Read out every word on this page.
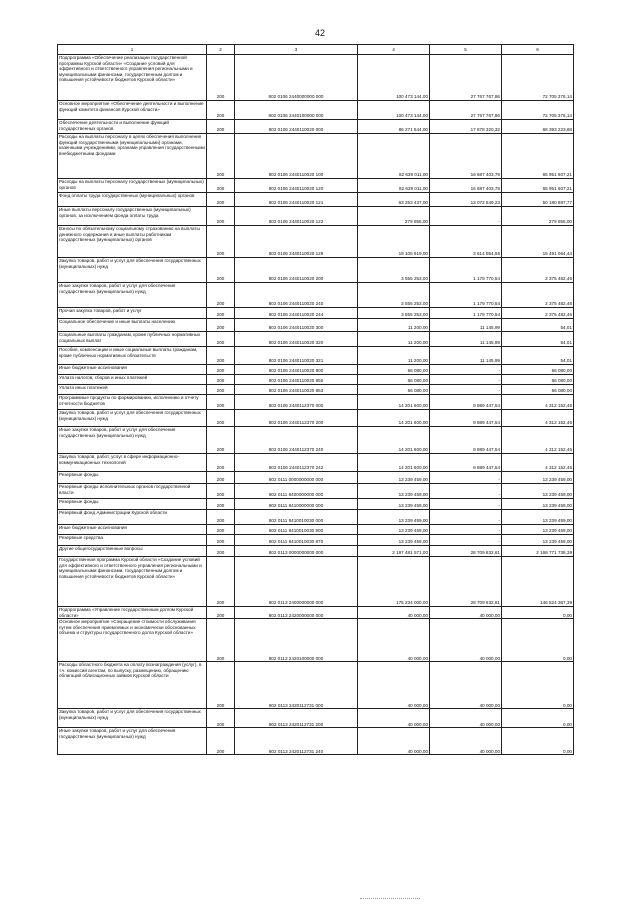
42
1	2	3	4	5	6
Подпрограмма «Обеспечение реализации государственной программы Курской области» «Создание условий для эффективного и ответственного управления региональными и муниципальными финансами, государственным долгом и повышения устойчивости бюджетов Курской области»	200	802 0106 2440000000 000	100 473 144,00	27 767 767,86	72 705 376,14
Основное мероприятие «Обеспечение деятельности и выполнение функций комитета финансов Курской области»	200	802 0106 2440100000 000	100 473 144,00	27 767 767,86	72 705 376,14
Обеспечение деятельности и выполнение функций государственных органов	200	802 0106 2440110020 000	86 271 544,00	17 878 320,32	68 393 223,68
Расходы на выплаты персоналу в целях обеспечения выполнения функций государственными (муниципальными) органами, казенными учреждениями, органами управления государственными внебюджетными фондами	200	802 0106 2440110020 100	82 639 011,00	16 687 403,79	65 951 607,21
Расходы на выплаты персоналу государственных (муниципальных) органов	200	802 0106 2440110020 120	82 639 011,00	16 687 403,79	65 951 607,21
Фонд оплаты труда государственных (муниципальных) органов	200	802 0106 2440110020 121	63 253 437,00	13 072 549,23	50 180 887,77
Иные выплаты персоналу государственных (муниципальных) органов, за исключением фонда оплаты труда	200	802 0106 2440110020 122	279 855,00	-	279 855,00
Взносы по обязательному социальному страхованию на выплаты денежного содержания и иные выплаты работникам государственных (муниципальных) органов	200	802 0106 2440110020 129	19 105 919,00	3 614 854,56	15 491 064,44
Закупка товаров, работ и услуг для обеспечения государственных (муниципальных) нужд	200	802 0106 2440110020 200	3 555 253,00	1 179 770,54	2 375 482,46
Иные закупки товаров, работ и услуг для обеспечения государственных (муниципальных) нужд	200	802 0106 2440110020 240	3 555 253,00	1 179 770,54	2 375 482,46
Прочая закупка товаров, работ и услуг	200	802 0106 2440110020 244	3 555 253,00	1 179 770,54	2 375 482,46
Социальное обеспечение и иные выплаты населению	200	802 0106 2440110020 300	11 200,00	11 145,99	54,01
Социальные выплаты гражданам, кроме публичных нормативных социальных выплат	200	802 0106 2440110020 320	11 200,00	11 145,99	54,01
Пособия, компенсации и иные социальные выплаты гражданам, кроме публичных нормативных обязательств	200	802 0106 2440110020 321	11 200,00	11 145,99	54,01
Иные бюджетные ассигнования	200	802 0106 2440110020 800	66 080,00	-	66 080,00
Уплата налогов, сборов и иных платежей	200	802 0106 2440110020 850	66 080,00	-	66 080,00
Уплата иных платежей	200	802 0106 2440110020 853	66 080,00	-	66 080,00
Программные продукты по формированию, исполнению и отчету отчетности бюджетов	200	802 0106 2440112370 000	14 201 600,00	9 889 447,54	4 312 152,46
Закупка товаров, работ и услуг для обеспечения государственных (муниципальных) нужд	200	802 0106 2440112370 200	14 201 600,00	9 889 447,54	4 312 152,46
Иные закупки товаров, работ и услуг для обеспечения государственных (муниципальных) нужд	200	802 0106 2440112370 240	14 201 600,00	9 889 447,54	4 312 152,46
Закупка товаров, работ, услуг в сфере информационно-коммуникационных технологий	200	802 0106 2440112370 242	14 201 600,00	9 889 447,54	4 312 152,46
Резервные фонды	200	802 0111 0000000000 000	13 239 459,00	-	13 239 459,00
Резервные фонды исполнительных органов государственной власти	200	802 0111 8400000000 000	13 239 459,00	-	13 239 459,00
Резервные фонды	200	802 0111 8410000000 000	13 239 459,00	-	13 239 459,00
Резервный фонд Администрации Курской области	200	802 0111 8410010030 000	13 239 459,00	-	13 239 459,00
Иные бюджетные ассигнования	200	802 0111 8410010030 800	13 239 459,00	-	13 239 459,00
Резервные средства	200	802 0111 8410010030 870	13 239 459,00	-	13 239 459,00
Другие общегосударственные вопросы	200	802 0113 0000000000 000	2 197 481 571,00	28 709 832,61	2 168 771 738,39
Государственная программа Курской области «Создание условий для эффективного и ответственного управления региональными и муниципальными финансами, государственным долгом и повышения устойчивости бюджетов Курской области»	200	802 0113 2400000000 000	175 234 000,00	28 709 632,61	146 524 367,39
Подпрограмма «Управление государственным долгом Курской области»	200	802 0113 2420000000 000	40 000,00	40 000,00	0,00
Основное мероприятие «Сокращение стоимости обслуживания путем обеспечения приемлемых и экономически обоснованных объема и структуры государственного долга Курской области»	200	802 0113 2420100000 000	40 000,00	40 000,00	0,00
Расходы областного бюджета на оплату вознаграждения (услуг), в т.ч. комиссий агентам, по выпуску, размещению, обращению облигаций облигационных займов Курской области	200	802 0113 2420112731 000	40 000,00	40 000,00	0,00
Закупка товаров, работ и услуг для обеспечения государственных (муниципальных) нужд	200	802 0113 2420112731 200	40 000,00	40 000,00	0,00
Иные закупки товаров, работ и услуг для обеспечения государственных (муниципальных) нужд	200	802 0113 2420112731 240	40 000,00	40 000,00	0,00
